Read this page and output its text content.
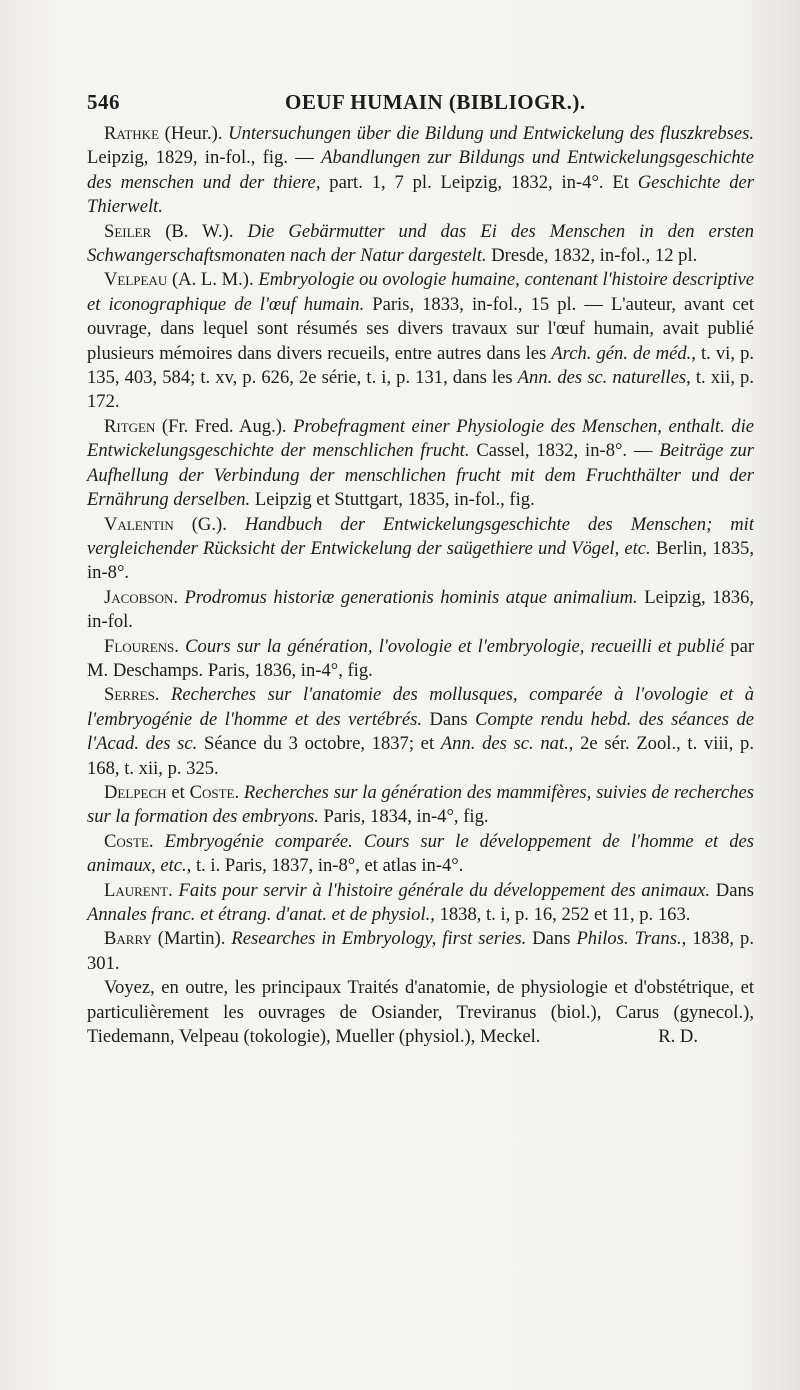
546	OEUF HUMAIN (BIBLIOGR.).

Rathke (Heur.). Untersuchungen über die Bildung und Entwickelung des fluszkrebses. Leipzig, 1829, in-fol., fig. — Abandlungen zur Bildungs und Entwickelungsgeschichte des menschen und der thiere, part. 1, 7 pl. Leipzig, 1832, in-4°. Et Geschichte der Thierwelt.

Seiler (B. W.). Die Gebärmutter und das Ei des Menschen in den ersten Schwangerschaftsmonaten nach der Natur dargestelt. Dresde, 1832, in-fol., 12 pl.

Velpeau (A. L. M.). Embryologie ou ovologie humaine, contenant l'histoire descriptive et iconographique de l'œuf humain. Paris, 1833, in-fol., 15 pl. — L'auteur, avant cet ouvrage, dans lequel sont résumés ses divers travaux sur l'œuf humain, avait publié plusieurs mémoires dans divers recueils, entre autres dans les Arch. gén. de méd., t. vi, p. 135, 403, 584; t. xv, p. 626, 2e série, t. i, p. 131, dans les Ann. des sc. naturelles, t. xii, p. 172.

Ritgen (Fr. Fred. Aug.). Probefragment einer Physiologie des Menschen, enthalt. die Entwickelungsgeschichte der menschlichen frucht. Cassel, 1832, in-8°. — Beiträge zur Aufhellung der Verbindung der menschlichen frucht mit dem Fruchthälter und der Ernährung derselben. Leipzig et Stuttgart, 1835, in-fol., fig.

Valentin (G.). Handbuch der Entwickelungsgeschichte des Menschen; mit vergleichender Rücksicht der Entwickelung der saügethiere und Vögel, etc. Berlin, 1835, in-8°.

Jacobson. Prodromus historiæ generationis hominis atque animalium. Leipzig, 1836, in-fol.

Flourens. Cours sur la génération, l'ovologie et l'embryologie, recueilli et publié par M. Deschamps. Paris, 1836, in-4°, fig.

Serres. Recherches sur l'anatomie des mollusques, comparée à l'ovologie et à l'embryogénie de l'homme et des vertébrés. Dans Compte rendu hebd. des séances de l'Acad. des sc. Séance du 3 octobre, 1837; et Ann. des sc. nat., 2e sér. Zool., t. viii, p. 168, t. xii, p. 325.

Delpech et Coste. Recherches sur la génération des mammifères, suivies de recherches sur la formation des embryons. Paris, 1834, in-4°, fig.

Coste. Embryogénie comparée. Cours sur le développement de l'homme et des animaux, etc., t. i. Paris, 1837, in-8°, et atlas in-4°.

Laurent. Faits pour servir à l'histoire générale du développement des animaux. Dans Annales franc. et étrang. d'anat. et de physiol., 1838, t. i, p. 16, 252 et 11, p. 163.

Barry (Martin). Researches in Embryology, first series. Dans Philos. Trans., 1838, p. 301.

Voyez, en outre, les principaux Traités d'anatomie, de physiologie et d'obstétrique, et particulièrement les ouvrages de Osiander, Treviranus (biol.), Carus (gynecol.), Tiedemann, Velpeau (tokologie), Mueller (physiol.), Meckel.	R. D.
